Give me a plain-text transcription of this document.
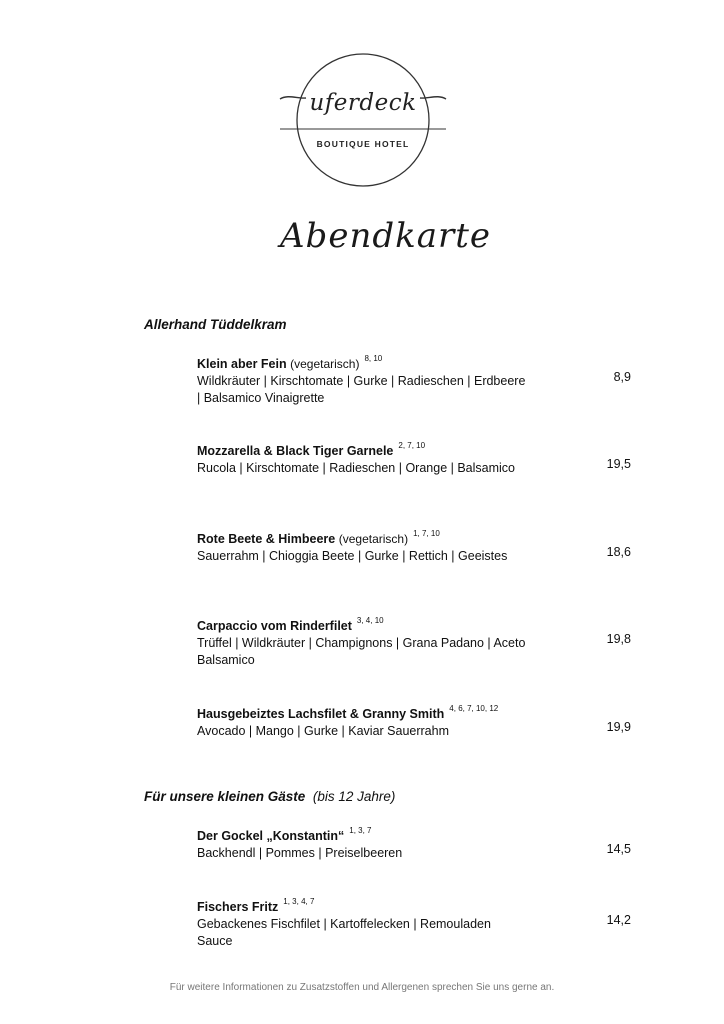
uferdeck
BOUTIQUE HOTEL
Abendkarte
Allerhand Tüddelkram
Klein aber Fein (vegetarisch) $^{8, 10}$
Wildkräuter | Kirschtomate | Gurke | Radieschen | Erdbeere | Balsamico Vinaigrette
8,9
Mozzarella & Black Tiger Garnele $^{2, 7, 10}$
Rucola | Kirschtomate | Radieschen | Orange | Balsamico	19,5
Rote Beete & Himbeere (vegetarisch) $^{1, 7, 10}$
Sauerrahm | Chioggia Beete | Gurke | Rettich | Geeistes	18,6
Carpaccio vom Rinderfilet $^{3, 4, 10}$
Trüffel | Wildkräuter | Champignons | Grana Padano | Aceto Balsamico
19,8
Hausgebeiztes Lachsfilet & Granny Smith $^{4, 6, 7, 10, 12}$
Avocado | Mango | Gurke | Kaviar Sauerrahm	19,9
Für unsere kleinen Gäste (bis 12 Jahre)
Der Gockel „Konstantin“ $^{1, 3, 7}$
Backhendl | Pommes | Preiselbeeren	14,5
Fischers Fritz $^{1, 3, 4, 7}$
Gebackenes Fischfilet | Kartoffelecken | Remouladen Sauce
14,2
Für weitere Informationen zu Zusatzstoffen und Allergenen sprechen Sie uns gerne an.
